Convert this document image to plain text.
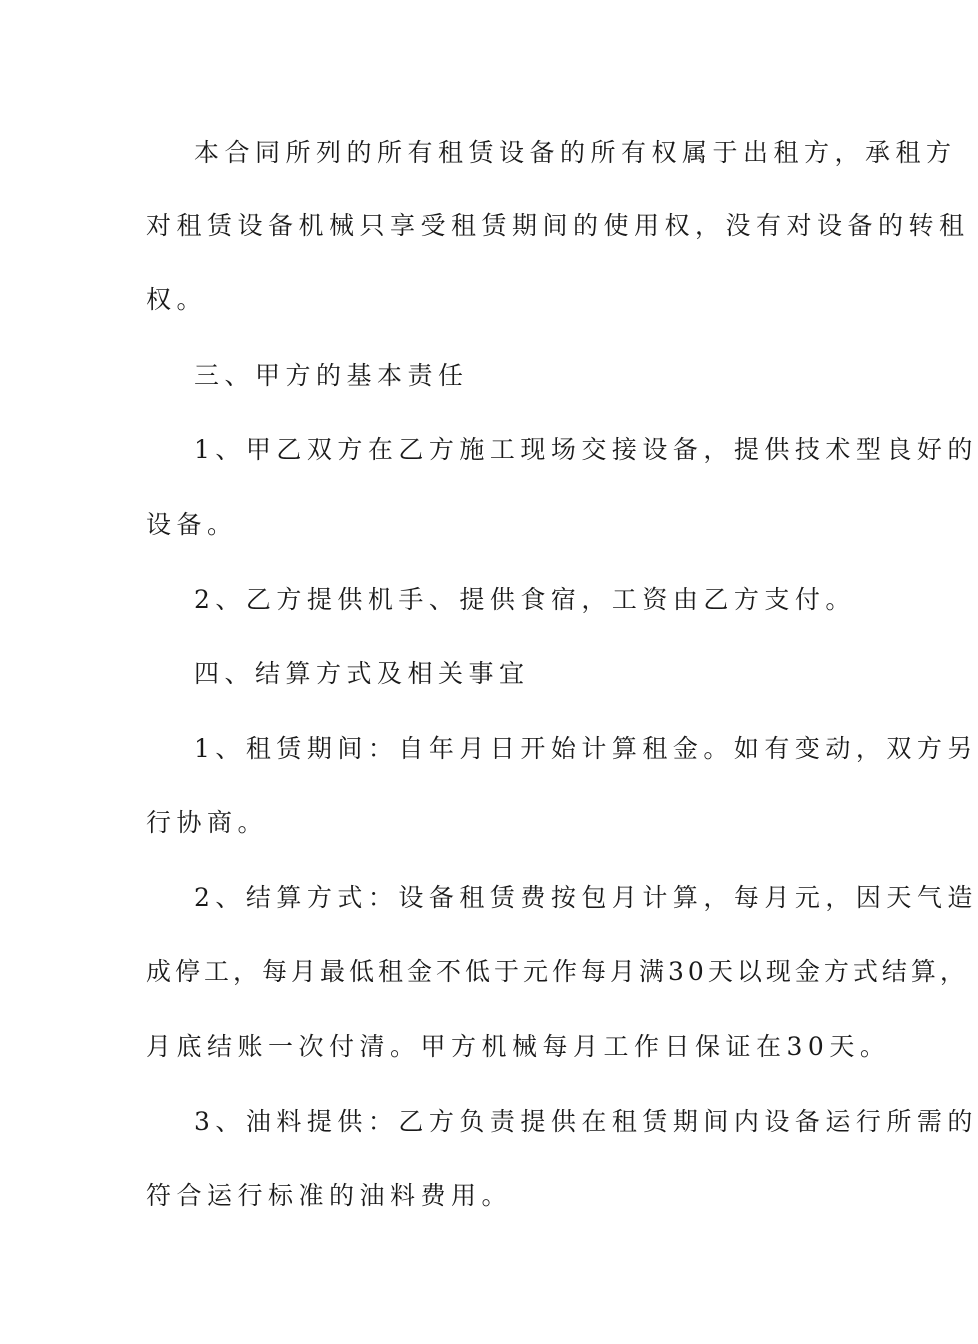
本合同所列的所有租赁设备的所有权属于出租方，承租方
对租赁设备机械只享受租赁期间的使用权，没有对设备的转租
权。
三、甲方的基本责任
1、甲乙双方在乙方施工现场交接设备，提供技术型良好的
设备。
2、乙方提供机手、提供食宿，工资由乙方支付。
四、结算方式及相关事宜
1、租赁期间：自年月日开始计算租金。如有变动，双方另
行协商。
2、结算方式：设备租赁费按包月计算，每月元，因天气造
成停工，每月最低租金不低于元作每月满30天以现金方式结算，
月底结账一次付清。甲方机械每月工作日保证在30天。
3、油料提供：乙方负责提供在租赁期间内设备运行所需的
符合运行标准的油料费用。
